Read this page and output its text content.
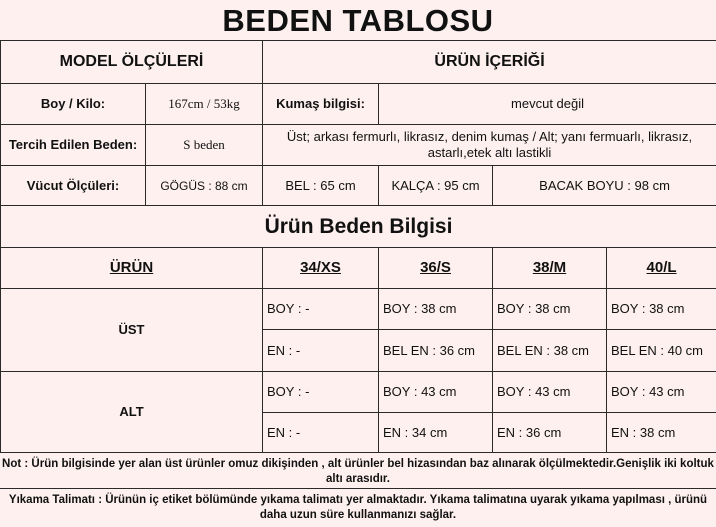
BEDEN TABLOSU
MODEL ÖLÇÜLERİ		ÜRÜN İÇERİĞİ			
Boy / Kilo:	167cm / 53kg	Kumaş bilgisi:	mevcut değil		
Tercih Edilen Beden:	S beden	Üst; arkası fermurlı, likrasız, denim kumaş / Alt; yanı fermuarlı, likrasız, astarlı,etek altı lastikli			
Vücut Ölçüleri:	GÖGÜS : 88 cm	BEL : 65 cm	KALÇA : 95 cm	BACAK BOYU : 98 cm	
Ürün Beden Bilgisi					
ÜRÜN		34/XS	36/S	38/M	40/L
ÜST		BOY : -	BOY : 38 cm	BOY : 38 cm	BOY : 38 cm
		EN : -	BEL EN : 36 cm	BEL EN : 38 cm	BEL EN : 40 cm
ALT		BOY : -	BOY : 43 cm	BOY : 43 cm	BOY : 43 cm
		EN : -	EN : 34 cm	EN : 36 cm	EN : 38 cm
Not : Ürün bilgisinde yer alan üst ürünler omuz dikişinden , alt ürünler bel hizasından baz alınarak ölçülmektedir.Genişlik iki koltuk altı arasıdır.
Yıkama Talimatı : Ürünün iç etiket bölümünde yıkama talimatı yer almaktadır. Yıkama talimatına uyarak yıkama yapılması , ürünü daha uzun süre kullanmanızı sağlar.
